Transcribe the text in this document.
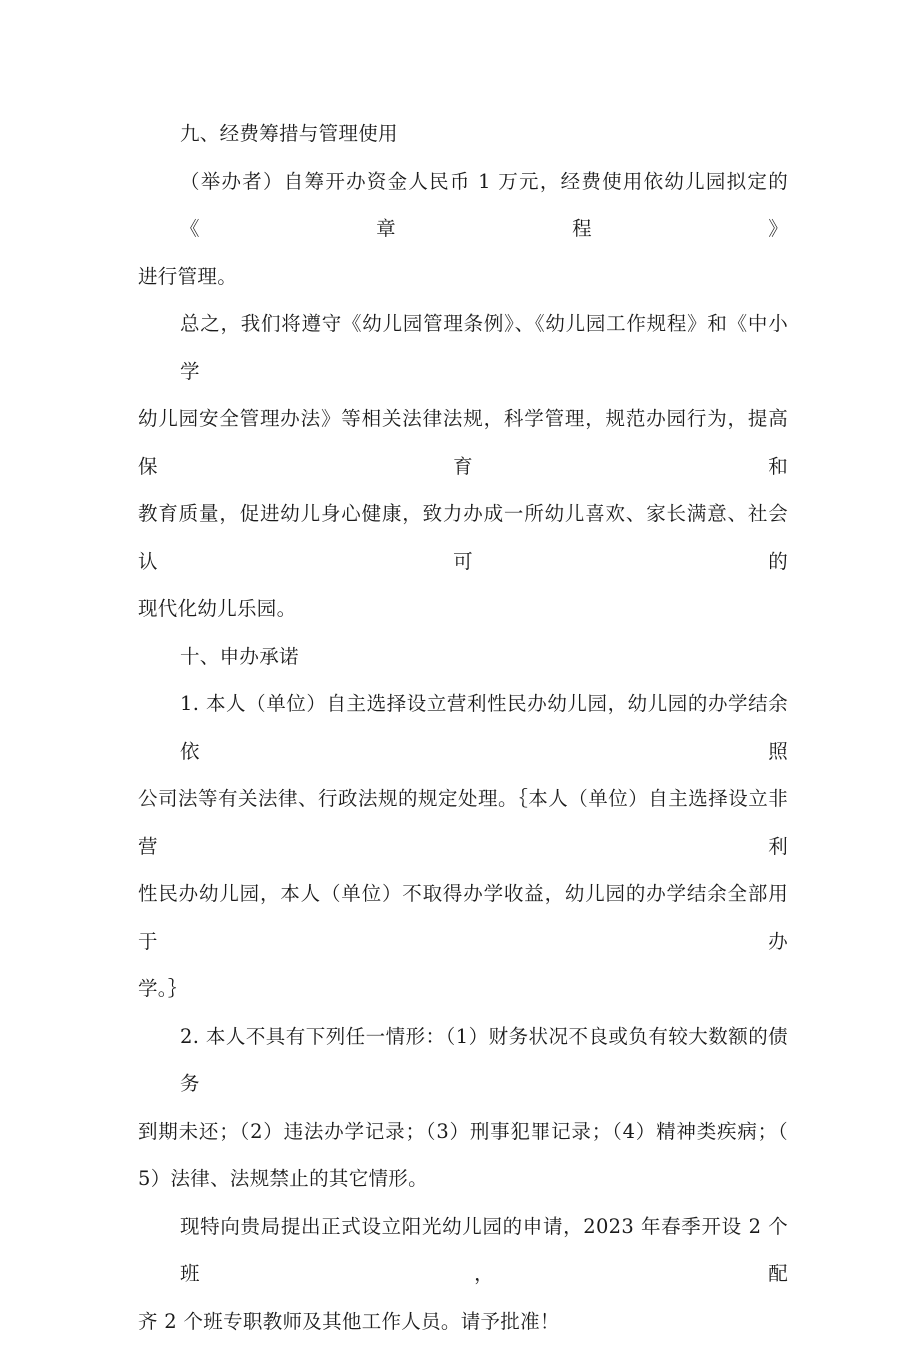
九、经费筹措与管理使用

（举办者）自筹开办资金人民币 1 万元，经费使用依幼儿园拟定的《章程》
进行管理。

总之，我们将遵守《幼儿园管理条例》、《幼儿园工作规程》和《中小学
幼儿园安全管理办法》等相关法律法规，科学管理，规范办园行为，提高保育和
教育质量，促进幼儿身心健康，致力办成一所幼儿喜欢、家长满意、社会认可的
现代化幼儿乐园。

十、申办承诺

1. 本人（单位）自主选择设立营利性民办幼儿园，幼儿园的办学结余依照
公司法等有关法律、行政法规的规定处理。｛本人（单位）自主选择设立非营利
性民办幼儿园，本人（单位）不取得办学收益，幼儿园的办学结余全部用于办
学。｝

2. 本人不具有下列任一情形：（1）财务状况不良或负有较大数额的债务
到期未还；（2）违法办学记录；（3）刑事犯罪记录；（4）精神类疾病；（
5）法律、法规禁止的其它情形。

现特向贵局提出正式设立阳光幼儿园的申请，2023 年春季开设 2 个班，配
齐 2 个班专职教师及其他工作人员。请予批准！
